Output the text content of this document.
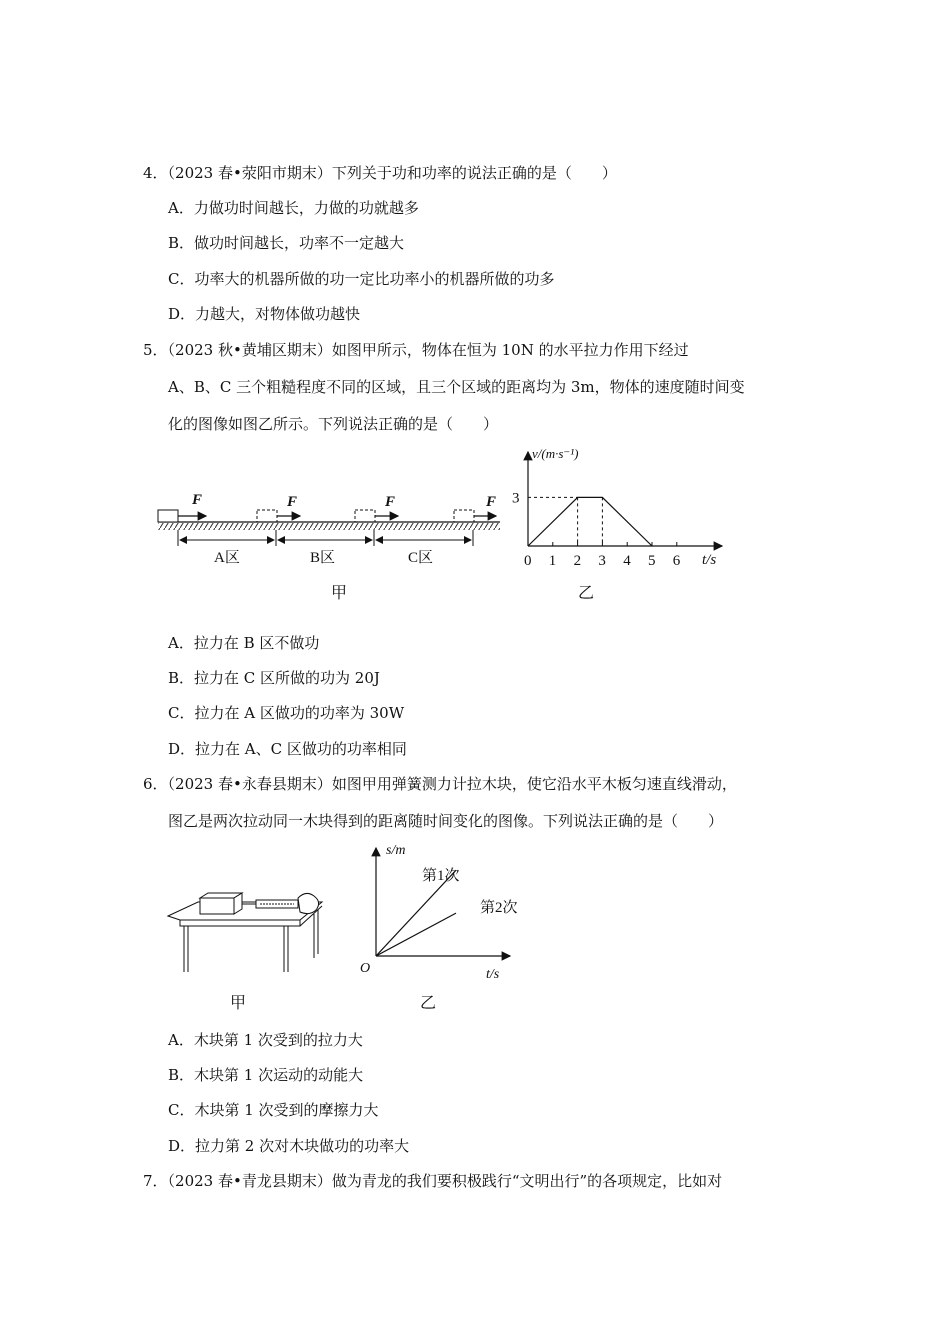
4．（2023 春•荥阳市期末）下列关于功和功率的说法正确的是（　　）
A．力做功时间越长，力做的功就越多
B．做功时间越长，功率不一定越大
C．功率大的机器所做的功一定比功率小的机器所做的功多
D．力越大，对物体做功越快
5．（2023 秋•黄埔区期末）如图甲所示，物体在恒为 10N 的水平拉力作用下经过
A、B、C 三个粗糙程度不同的区域，且三个区域的距离均为 3m，物体的速度随时间变
化的图像如图乙所示。下列说法正确的是（　　）
F	F	F	F
A区	B区	C区
甲
v/(m·s⁻¹)
t/s
0 1 2 3 4 5 6
3
乙
A．拉力在 B 区不做功
B．拉力在 C 区所做的功为 20J
C．拉力在 A 区做功的功率为 30W
D．拉力在 A、C 区做功的功率相同
6．（2023 春•永春县期末）如图甲用弹簧测力计拉木块，使它沿水平木板匀速直线滑动，
图乙是两次拉动同一木块得到的距离随时间变化的图像。下列说法正确的是（　　）
甲
s/m
t/s
O
第1次
第2次
乙
A．木块第 1 次受到的拉力大
B．木块第 1 次运动的动能大
C．木块第 1 次受到的摩擦力大
D．拉力第 2 次对木块做功的功率大
7．（2023 春•青龙县期末）做为青龙的我们要积极践行“文明出行”的各项规定，比如对
